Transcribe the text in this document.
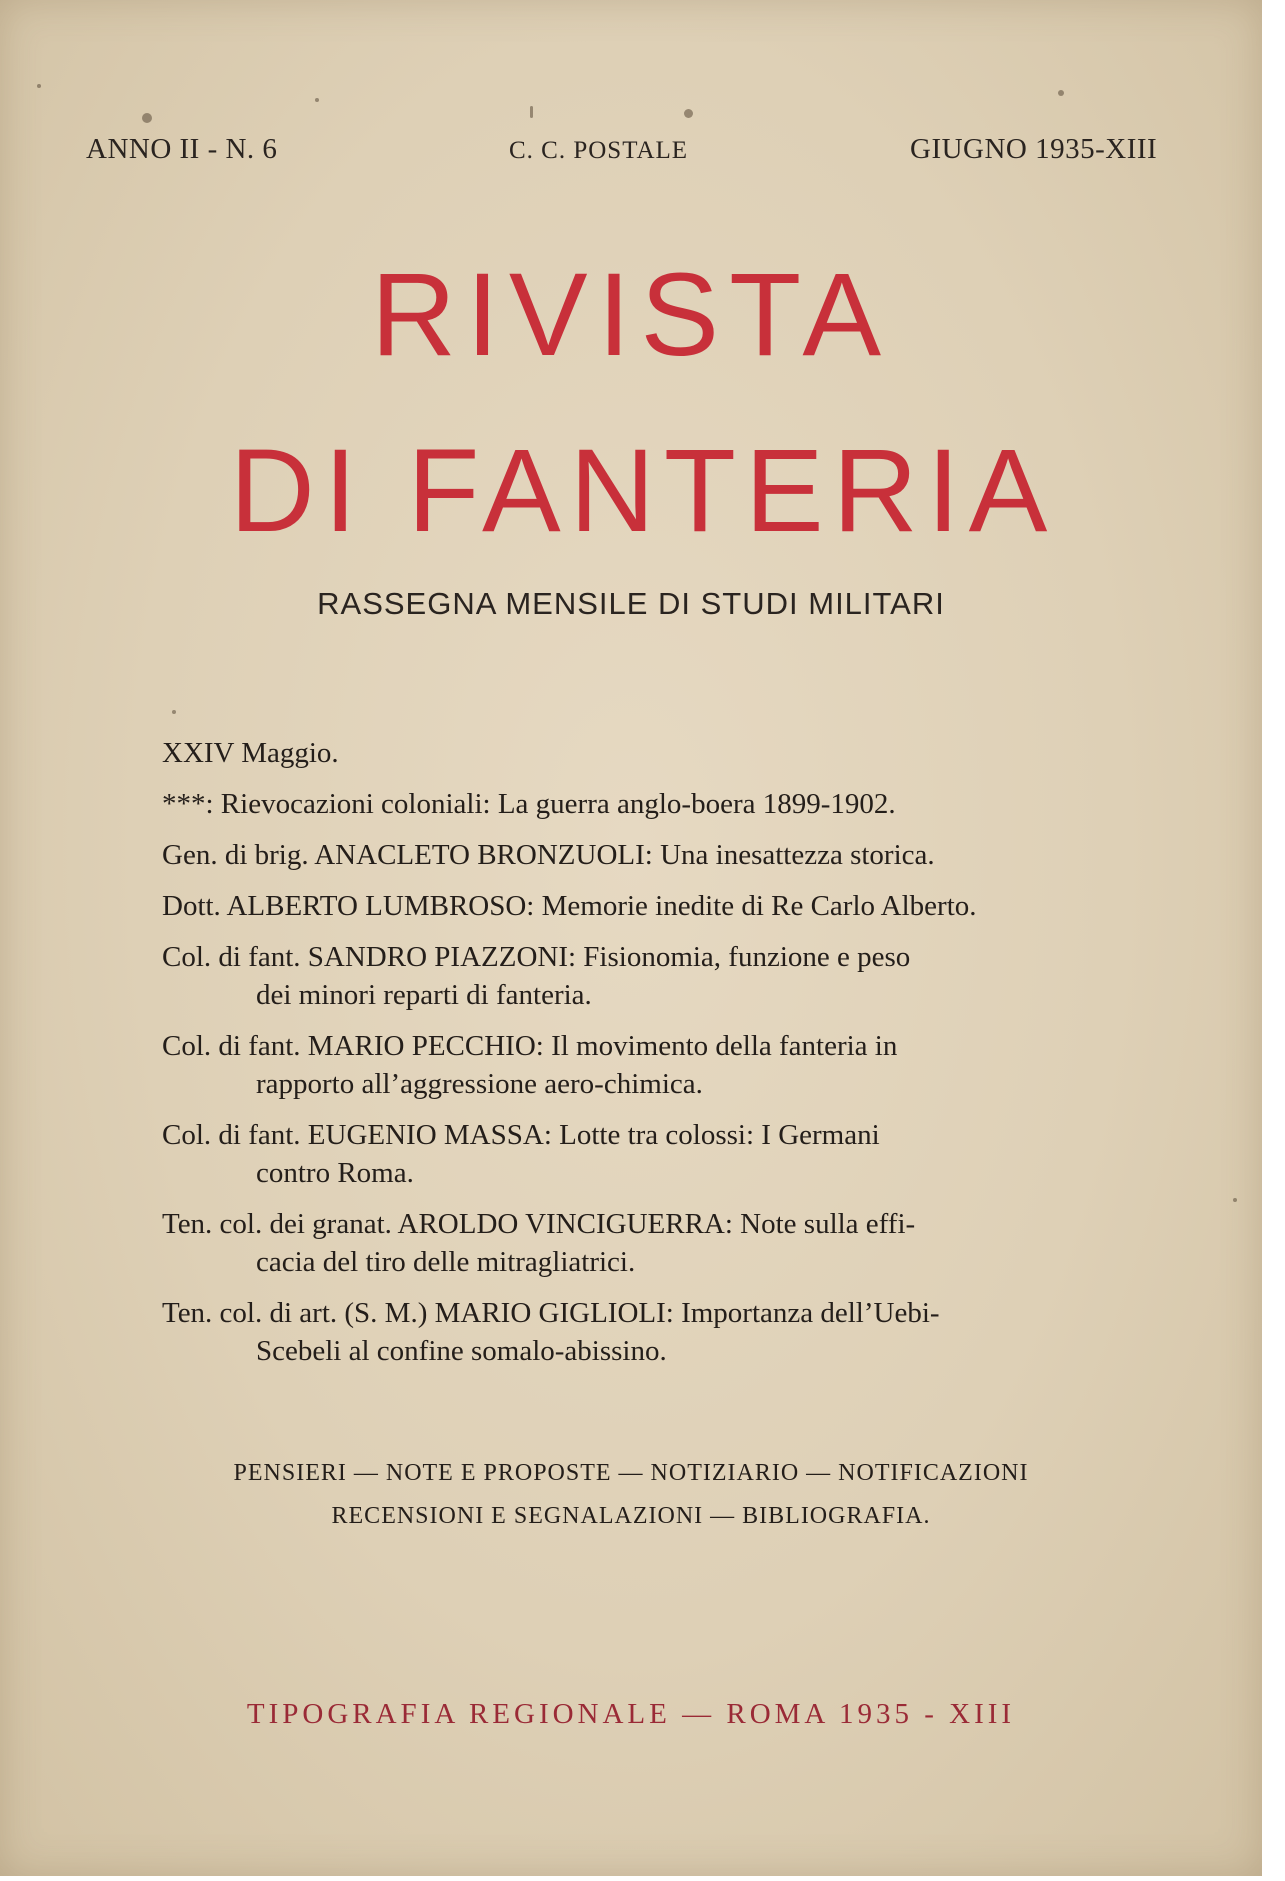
ANNO II - N. 6	C. C. POSTALE	GIUGNO 1935-XIII
RIVISTA
DI FANTERIA
RASSEGNA MENSILE DI STUDI MILITARI
XXIV Maggio.
***: Rievocazioni coloniali: La guerra anglo-boera 1899-1902.
Gen. di brig. ANACLETO BRONZUOLI: Una inesattezza storica.
Dott. ALBERTO LUMBROSO: Memorie inedite di Re Carlo Alberto.
Col. di fant. SANDRO PIAZZONI: Fisionomia, funzione e peso
dei minori reparti di fanteria.
Col. di fant. MARIO PECCHIO: Il movimento della fanteria in
rapporto all’aggressione aero-chimica.
Col. di fant. EUGENIO MASSA: Lotte tra colossi: I Germani
contro Roma.
Ten. col. dei granat. AROLDO VINCIGUERRA: Note sulla effi-
cacia del tiro delle mitragliatrici.
Ten. col. di art. (S. M.) MARIO GIGLIOLI: Importanza dell’Uebi-
Scebeli al confine somalo-abissino.
PENSIERI — NOTE E PROPOSTE — NOTIZIARIO — NOTIFICAZIONI
RECENSIONI E SEGNALAZIONI — BIBLIOGRAFIA.
TIPOGRAFIA REGIONALE — ROMA 1935 - XIII
